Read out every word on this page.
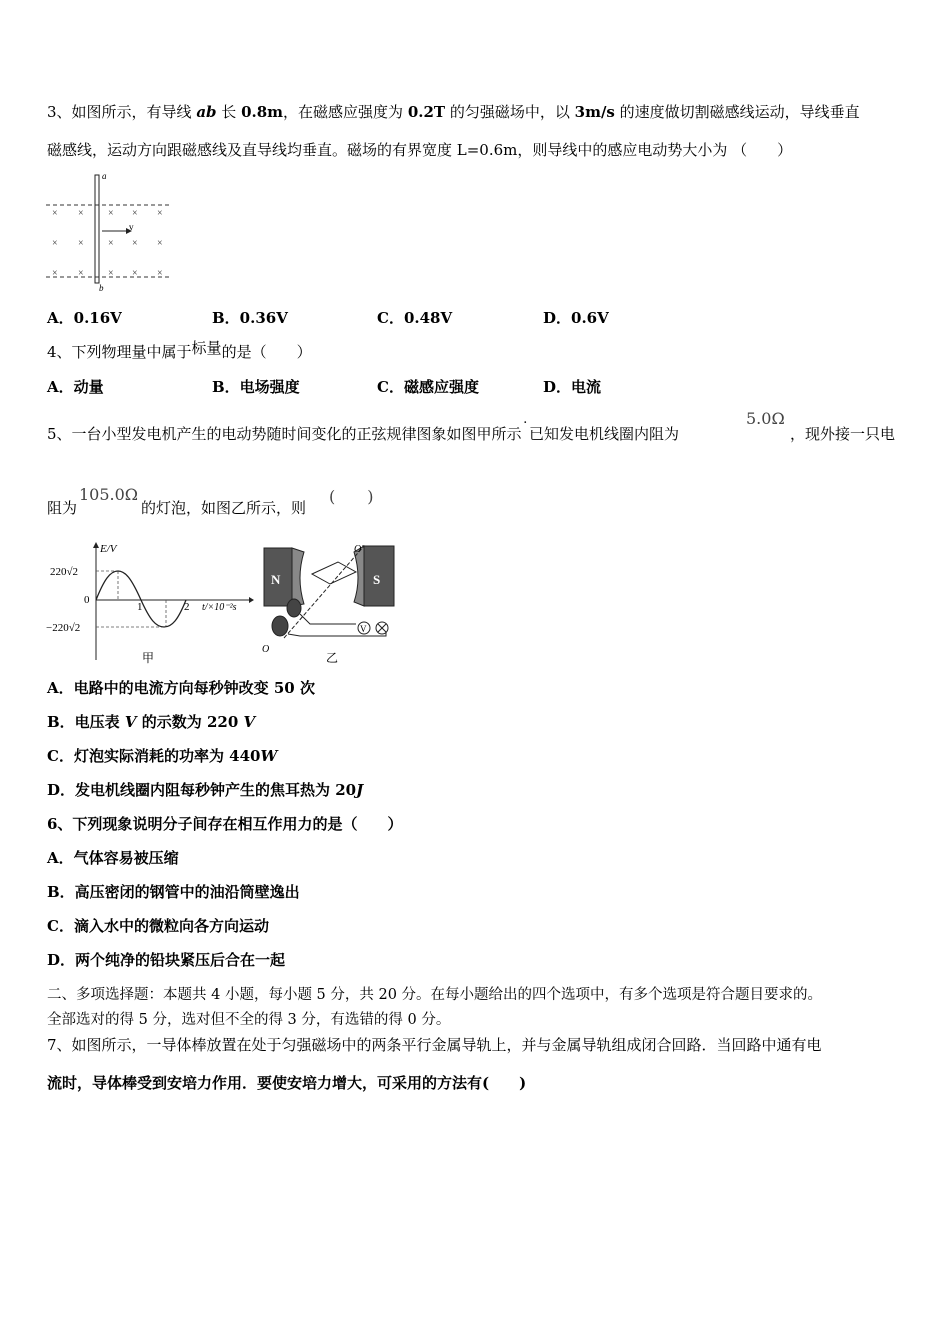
3、如图所示，有导线 ab 长 0.8m，在磁感应强度为 0.2T 的匀强磁场中，以 3m/s 的速度做切割磁感线运动，导线垂直
磁感线，运动方向跟磁感线及直导线均垂直。磁场的有界宽度 L=0.6m，则导线中的感应电动势大小为 （　　）
a
b
v
× × × × ×
× × × × ×
× × × × ×
A．0.16V	B．0.36V	C．0.48V	D．0.6V
4、下列物理量中属于标量的是（　　）
A．动量	B．电场强度	C．磁感应强度	D．电流
5、一台小型发电机产生的电动势随时间变化的正弦规律图象如图甲所示˙已知发电机线圈内阻为
5.0Ω
，现外接一只电
阻为
105.0Ω
的灯泡，如图乙所示，则
(　　)
E/V
220√2
−220√2
0
1	2 t/×10⁻²s
甲
N	S
O′
O
V
乙
A．电路中的电流方向每秒钟改变 50 次
B．电压表 V 的示数为 220 V
C．灯泡实际消耗的功率为 440W
D．发电机线圈内阻每秒钟产生的焦耳热为 20J
6、下列现象说明分子间存在相互作用力的是（　　）
A．气体容易被压缩
B．高压密闭的钢管中的油沿筒壁逸出
C．滴入水中的微粒向各方向运动
D．两个纯净的铅块紧压后合在一起
二、多项选择题：本题共 4 小题，每小题 5 分，共 20 分。在每小题给出的四个选项中，有多个选项是符合题目要求的。
全部选对的得 5 分，选对但不全的得 3 分，有选错的得 0 分。
7、如图所示，一导体棒放置在处于匀强磁场中的两条平行金属导轨上，并与金属导轨组成闭合回路．当回路中通有电
流时，导体棒受到安培力作用．要使安培力增大，可采用的方法有(　　)
